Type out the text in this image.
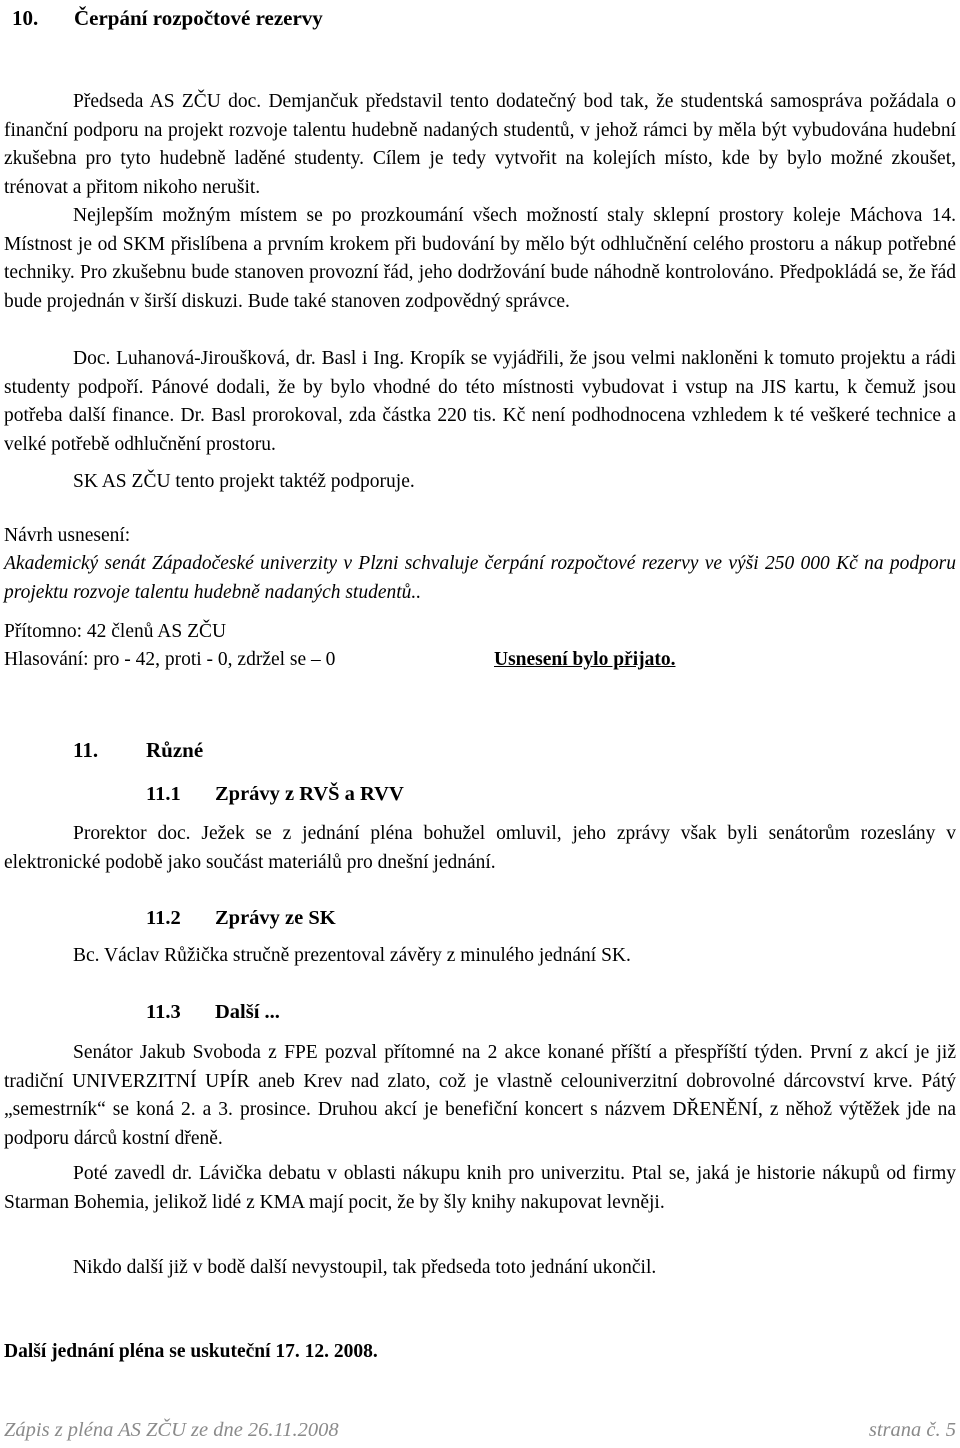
10. Čerpání rozpočtové rezervy

Předseda AS ZČU doc. Demjančuk představil tento dodatečný bod tak, že studentská samospráva požádala o finanční podporu na projekt rozvoje talentu hudebně nadaných studentů, v jehož rámci by měla být vybudována hudební zkušebna pro tyto hudebně laděné studenty. Cílem je tedy vytvořit na kolejích místo, kde by bylo možné zkoušet, trénovat a přitom nikoho nerušit.

Nejlepším možným místem se po prozkoumání všech možností staly sklepní prostory koleje Máchova 14. Místnost je od SKM přislíbena a prvním krokem při budování by mělo být odhlučnění celého prostoru a nákup potřebné techniky. Pro zkušebnu bude stanoven provozní řád, jeho dodržování bude náhodně kontrolováno. Předpokládá se, že řád bude projednán v širší diskuzi. Bude také stanoven zodpovědný správce.

Doc. Luhanová-Jiroušková, dr. Basl i Ing. Kropík se vyjádřili, že jsou velmi nakloněni k tomuto projektu a rádi studenty podpoří. Pánové dodali, že by bylo vhodné do této místnosti vybudovat i vstup na JIS kartu, k čemuž jsou potřeba další finance. Dr. Basl prorokoval, zda částka 220 tis. Kč není podhodnocena vzhledem k té veškeré technice a velké potřebě odhlučnění prostoru.

SK AS ZČU tento projekt taktéž podporuje.

Návrh usnesení:

Akademický senát Západočeské univerzity v Plzni schvaluje čerpání rozpočtové rezervy ve výši 250 000 Kč na podporu projektu rozvoje talentu hudebně nadaných studentů..

Přítomno: 42 členů AS ZČU

Hlasování: pro - 42, proti - 0, zdržel se – 0	Usnesení bylo přijato.
11. Různé
11.1 Zprávy z RVŠ a RVV

Prorektor doc. Ježek se z jednání pléna bohužel omluvil, jeho zprávy však byli senátorům rozeslány v elektronické podobě jako součást materiálů pro dnešní jednání.

11.2 Zprávy ze SK

Bc. Václav Růžička stručně prezentoval závěry z minulého jednání SK.

11.3 Další ...

Senátor Jakub Svoboda z FPE pozval přítomné na 2 akce konané příští a přespříští týden. První z akcí je již tradiční UNIVERZITNÍ UPÍR aneb Krev nad zlato, což je vlastně celouniverzitní dobrovolné dárcovství krve. Pátý „semestrník“ se koná 2. a 3. prosince. Druhou akcí je benefiční koncert s názvem DŘENĚNÍ, z něhož výtěžek jde na podporu dárců kostní dřeně.

Poté zavedl dr. Lávička debatu v oblasti nákupu knih pro univerzitu. Ptal se, jaká je historie nákupů od firmy Starman Bohemia, jelikož lidé z KMA mají pocit, že by šly knihy nakupovat levněji.

Nikdo další již v bodě další nevystoupil, tak předseda toto jednání ukončil.

Další jednání pléna se uskuteční 17. 12. 2008.

Zápis z pléna AS ZČU ze dne 26.11.2008	strana č. 5
